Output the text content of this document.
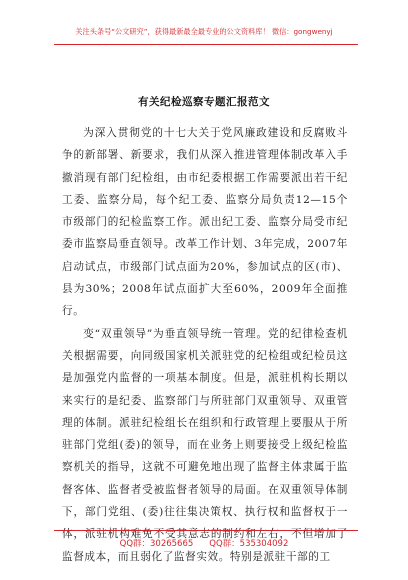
关注头条号“公文研究”，获得最新最全最专业的公文资料库！ 微信：gongwenyj
有关纪检巡察专题汇报范文

为深入贯彻党的十七大关于党风廉政建设和反腐败斗争的新部署、新要求，我们从深入推进管理体制改革入手撤消现有部门纪检组，由市纪委根据工作需要派出若干纪工委、监察分局，每个纪工委、监察分局负责12—15个市级部门的纪检监察工作。派出纪工委、监察分局受市纪委市监察局垂直领导。改革工作计划、3年完成，2007年启动试点，市级部门试点面为20%，参加试点的区(市)、县为30%；2008年试点面扩大至60%，2009年全面推行。

变“双重领导”为垂直领导统一管理。党的纪律检查机关根据需要，向同级国家机关派驻党的纪检组或纪检员这是加强党内监督的一项基本制度。但是，派驻机构长期以来实行的是纪委、监察部门与所驻部门双重领导、双重管理的体制。派驻纪检组长在组织和行政管理上要服从于所驻部门党组(委)的领导，而在业务上则要接受上级纪检监察机关的指导，这就不可避免地出现了监督主体隶属于监督客体、监督者受被监督者领导的局面。在双重领导体制下，部门党组、(委)往往集决策权、执行权和监督权于一体，派驻机构难免不受其意志的制约和左右，不但增加了监督成本，而且弱化了监督实效。特别是派驻干部的工

QQ群：30265665 QQ群：535304092
